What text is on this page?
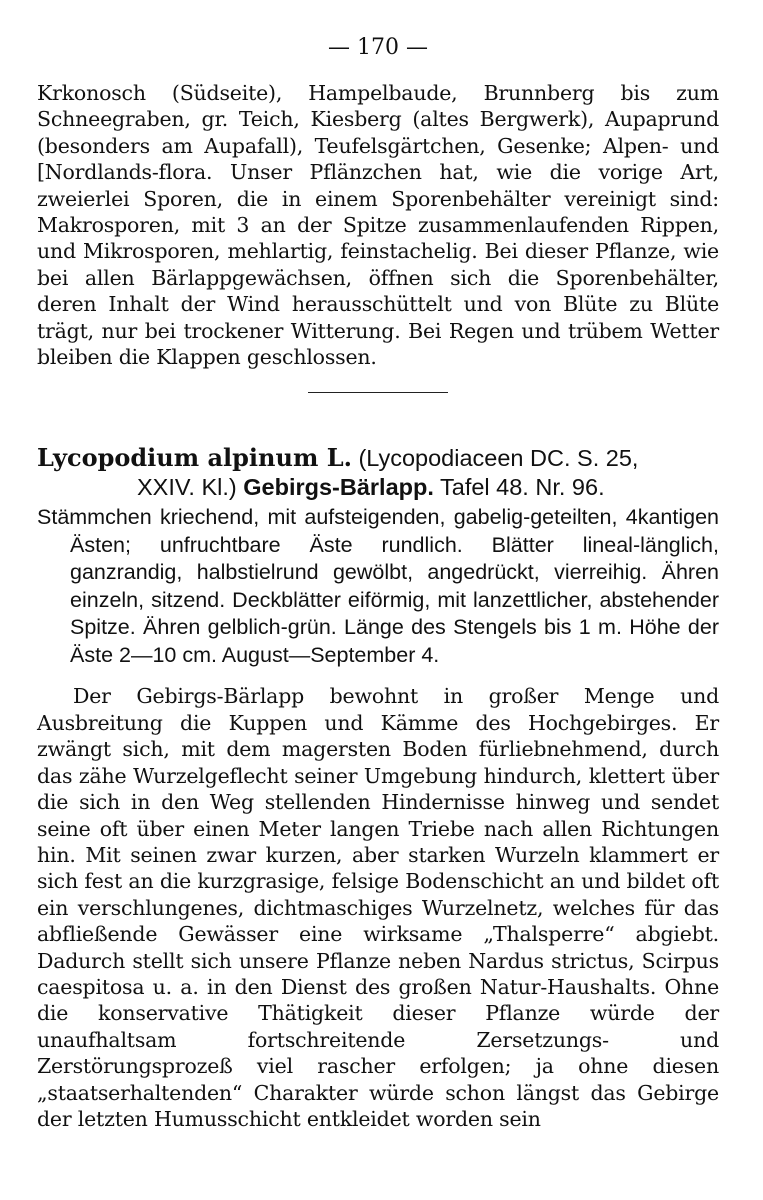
— 170 —

Krkonosch (Südseite), Hampelbaude, Brunnberg bis zum Schneegraben, gr. Teich, Kiesberg (altes Bergwerk), Aupaprund (besonders am Aupafall), Teufelsgärtchen, Gesenke; Alpen- und [Nordlands-flora. Unser Pflänzchen hat, wie die vorige Art, zweierlei Sporen, die in einem Sporenbehälter vereinigt sind: Makrosporen, mit 3 an der Spitze zusammenlaufenden Rippen, und Mikrosporen, mehlartig, feinstachelig. Bei dieser Pflanze, wie bei allen Bärlappgewächsen, öffnen sich die Sporenbehälter, deren Inhalt der Wind herausschüttelt und von Blüte zu Blüte trägt, nur bei trockener Witterung. Bei Regen und trübem Wetter bleiben die Klappen geschlossen.

Lycopodium alpinum L. (Lycopodiaceen DC. S. 25,
XXIV. Kl.) Gebirgs-Bärlapp. Tafel 48. Nr. 96.

Stämmchen kriechend, mit aufsteigenden, gabelig-geteilten, 4kantigen Ästen; unfruchtbare Äste rundlich. Blätter lineal-länglich, ganzrandig, halbstielrund gewölbt, angedrückt, vierreihig. Ähren einzeln, sitzend. Deckblätter eiförmig, mit lanzettlicher, abstehender Spitze. Ähren gelblich-grün. Länge des Stengels bis 1 m. Höhe der Äste 2—10 cm. August—September 4.

Der Gebirgs-Bärlapp bewohnt in großer Menge und Ausbreitung die Kuppen und Kämme des Hochgebirges. Er zwängt sich, mit dem magersten Boden fürliebnehmend, durch das zähe Wurzelgeflecht seiner Umgebung hindurch, klettert über die sich in den Weg stellenden Hindernisse hinweg und sendet seine oft über einen Meter langen Triebe nach allen Richtungen hin. Mit seinen zwar kurzen, aber starken Wurzeln klammert er sich fest an die kurzgrasige, felsige Bodenschicht an und bildet oft ein verschlungenes, dichtmaschiges Wurzelnetz, welches für das abfließende Gewässer eine wirksame „Thalsperre“ abgiebt. Dadurch stellt sich unsere Pflanze neben Nardus strictus, Scirpus caespitosa u. a. in den Dienst des großen Natur-Haushalts. Ohne die konservative Thätigkeit dieser Pflanze würde der unaufhaltsam fortschreitende Zersetzungs- und Zerstörungsprozeß viel rascher erfolgen; ja ohne diesen „staatserhaltenden“ Charakter würde schon längst das Gebirge der letzten Humusschicht entkleidet worden sein
